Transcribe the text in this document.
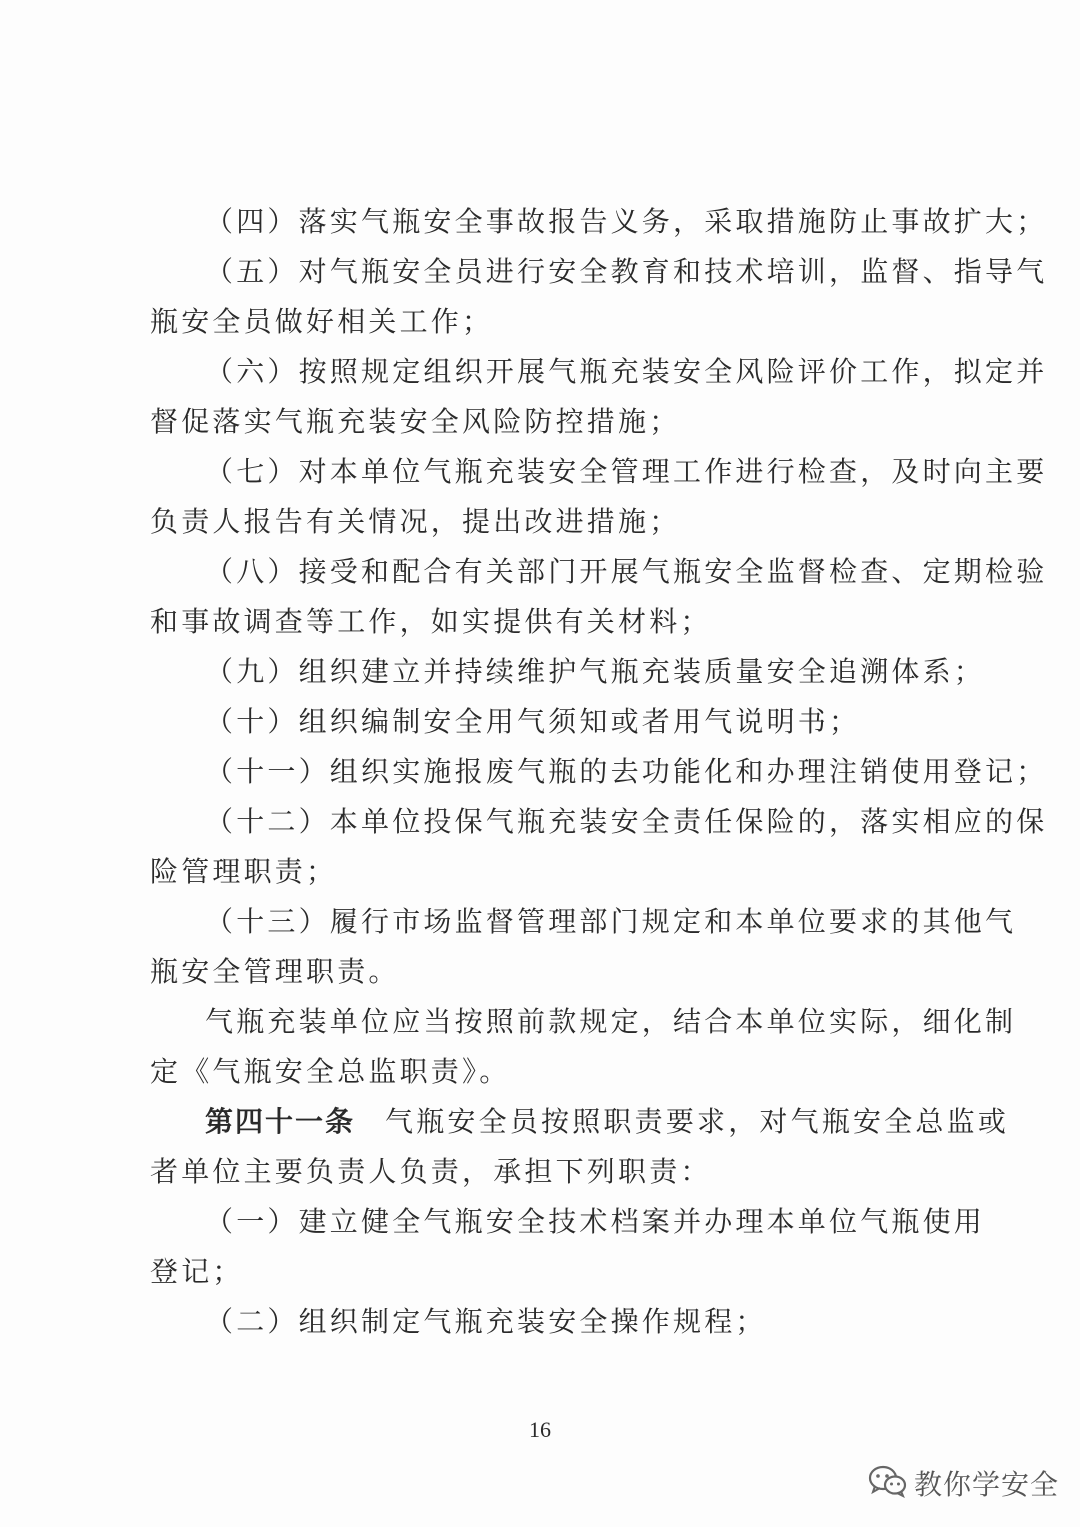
（四）落实气瓶安全事故报告义务，采取措施防止事故扩大；
（五）对气瓶安全员进行安全教育和技术培训，监督、指导气
瓶安全员做好相关工作；
（六）按照规定组织开展气瓶充装安全风险评价工作，拟定并
督促落实气瓶充装安全风险防控措施；
（七）对本单位气瓶充装安全管理工作进行检查，及时向主要
负责人报告有关情况，提出改进措施；
（八）接受和配合有关部门开展气瓶安全监督检查、定期检验
和事故调查等工作，如实提供有关材料；
（九）组织建立并持续维护气瓶充装质量安全追溯体系；
（十）组织编制安全用气须知或者用气说明书；
（十一）组织实施报废气瓶的去功能化和办理注销使用登记；
（十二）本单位投保气瓶充装安全责任保险的，落实相应的保
险管理职责；
（十三）履行市场监督管理部门规定和本单位要求的其他气
瓶安全管理职责。
气瓶充装单位应当按照前款规定，结合本单位实际，细化制
定《气瓶安全总监职责》。
第四十一条 气瓶安全员按照职责要求，对气瓶安全总监或
者单位主要负责人负责，承担下列职责：
（一）建立健全气瓶安全技术档案并办理本单位气瓶使用
登记；
（二）组织制定气瓶充装安全操作规程；
16
教你学安全
